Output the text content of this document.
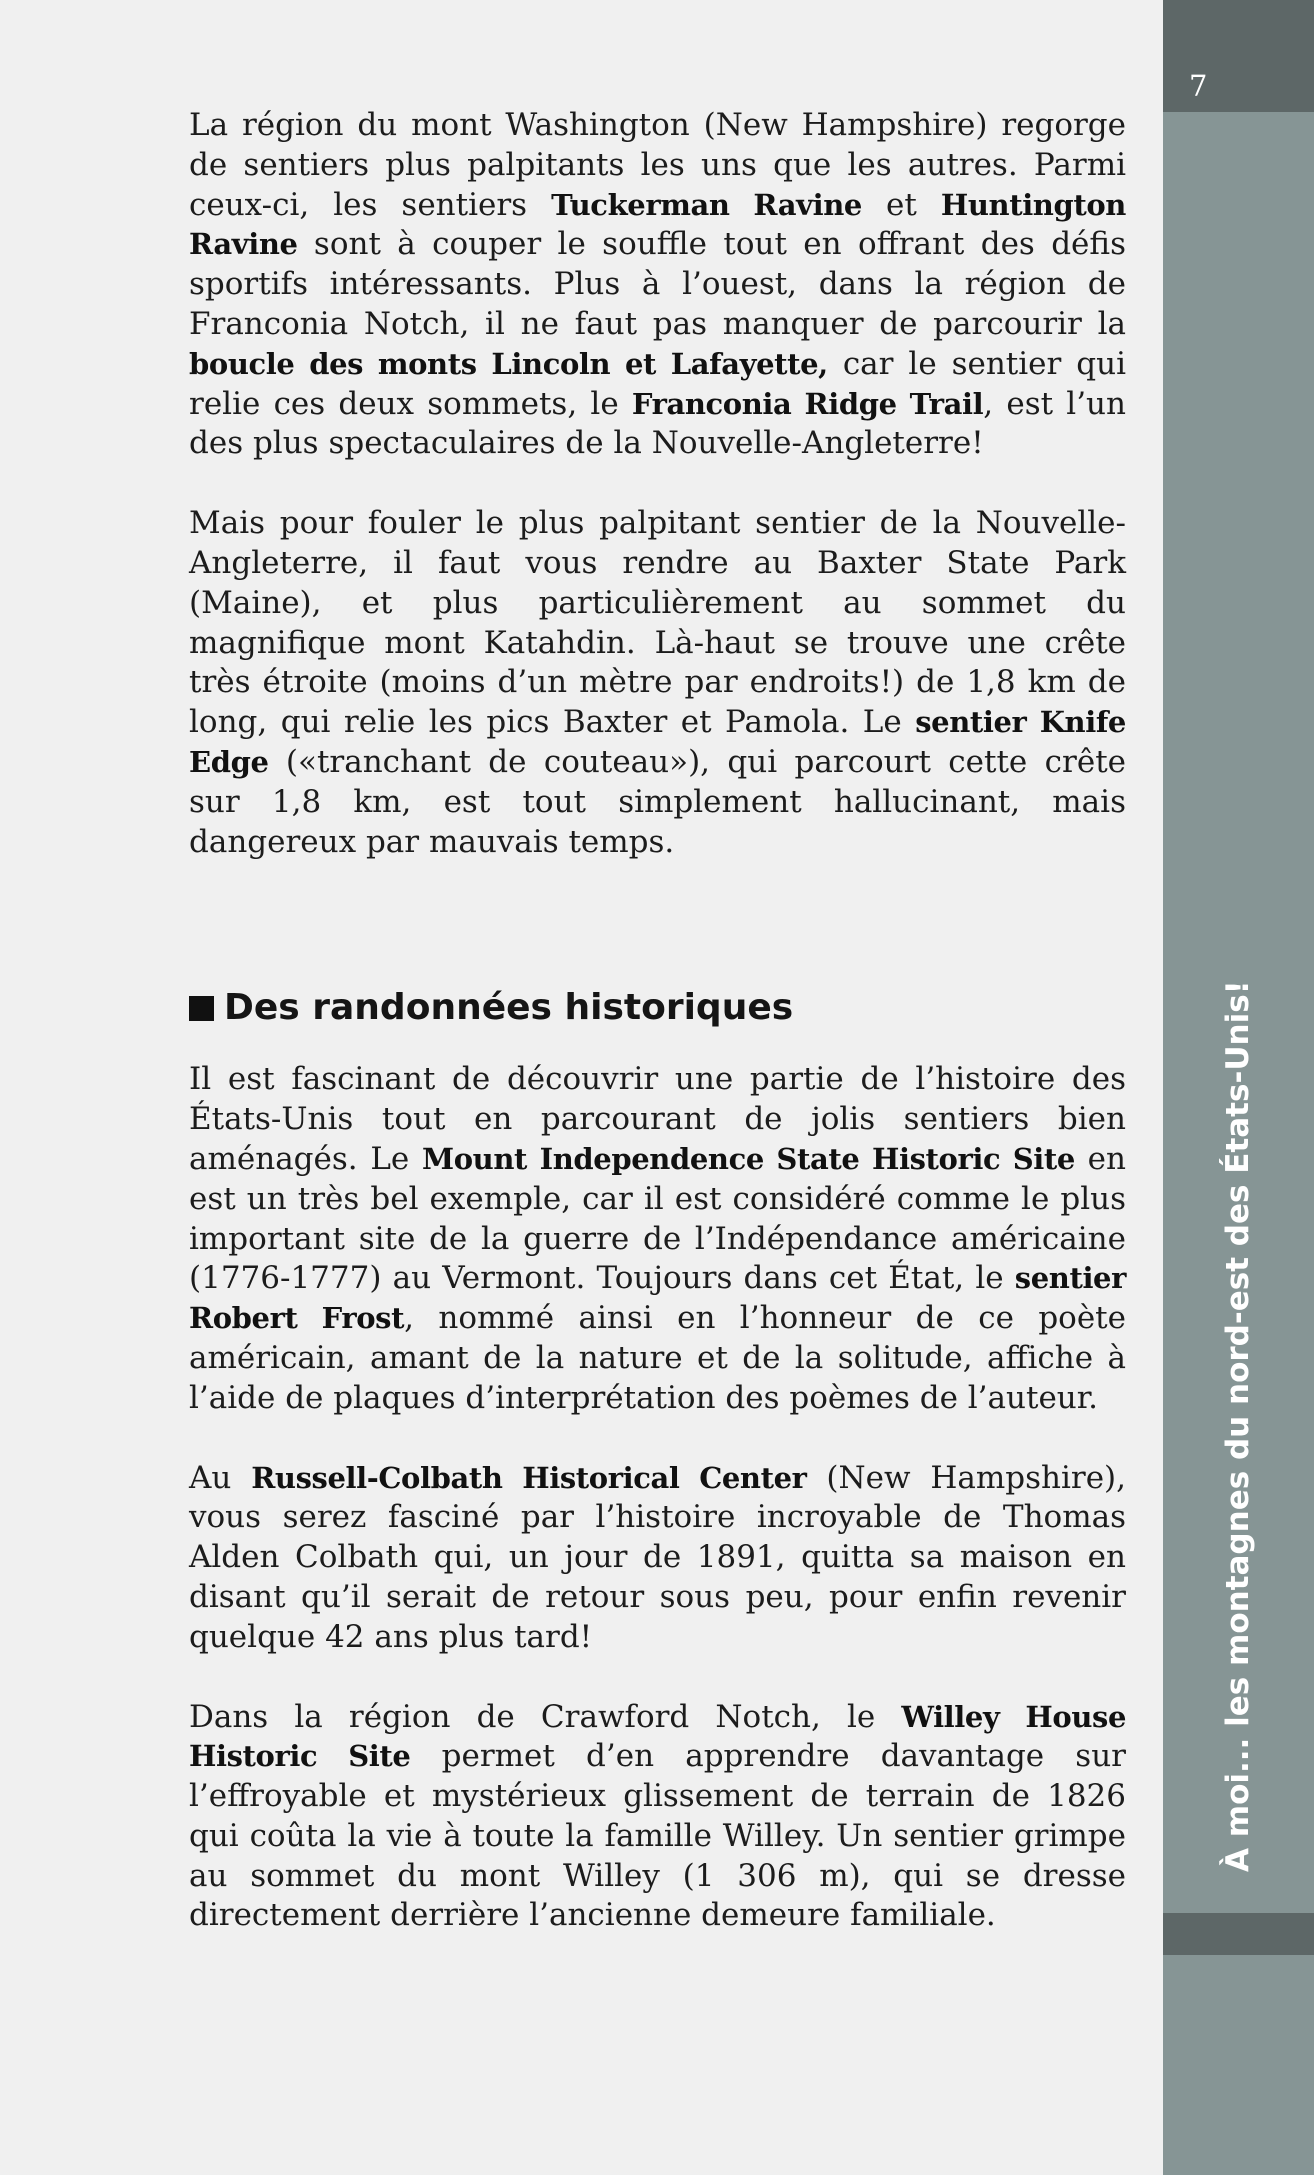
La région du mont Washington (New Hampshire) regorge de sentiers plus palpitants les uns que les autres. Parmi ceux-ci, les sentiers Tuckerman Ravine et Huntington Ravine sont à couper le souffle tout en offrant des défis sportifs intéressants. Plus à l’ouest, dans la région de Franconia Notch, il ne faut pas manquer de parcourir la boucle des monts Lincoln et Lafayette, car le sentier qui relie ces deux sommets, le Franconia Ridge Trail, est l’un des plus spectaculaires de la Nouvelle-Angleterre!

Mais pour fouler le plus palpitant sentier de la Nouvelle-Angleterre, il faut vous rendre au Baxter State Park (Maine), et plus particulièrement au sommet du magnifique mont Katahdin. Là-haut se trouve une crête très étroite (moins d’un mètre par endroits!) de 1,8 km de long, qui relie les pics Baxter et Pamola. Le sentier Knife Edge («tranchant de couteau»), qui parcourt cette crête sur 1,8 km, est tout simplement hallucinant, mais dangereux par mauvais temps.

Des randonnées historiques

Il est fascinant de découvrir une partie de l’histoire des États-Unis tout en parcourant de jolis sentiers bien aménagés. Le Mount Independence State Historic Site en est un très bel exemple, car il est considéré comme le plus important site de la guerre de l’Indépendance américaine (1776-1777) au Vermont. Toujours dans cet État, le sentier Robert Frost, nommé ainsi en l’honneur de ce poète américain, amant de la nature et de la solitude, affiche à l’aide de plaques d’interprétation des poèmes de l’auteur.

Au Russell-Colbath Historical Center (New Hampshire), vous serez fasciné par l’histoire incroyable de Thomas Alden Colbath qui, un jour de 1891, quitta sa maison en disant qu’il serait de retour sous peu, pour enfin revenir quelque 42 ans plus tard!

Dans la région de Crawford Notch, le Willey House Historic Site permet d’en apprendre davantage sur l’effroyable et mystérieux glissement de terrain de 1826 qui coûta la vie à toute la famille Willey. Un sentier grimpe au sommet du mont Willey (1 306 m), qui se dresse directement derrière l’ancienne demeure familiale.

7
À moi... les montagnes du nord-est des États-Unis!
